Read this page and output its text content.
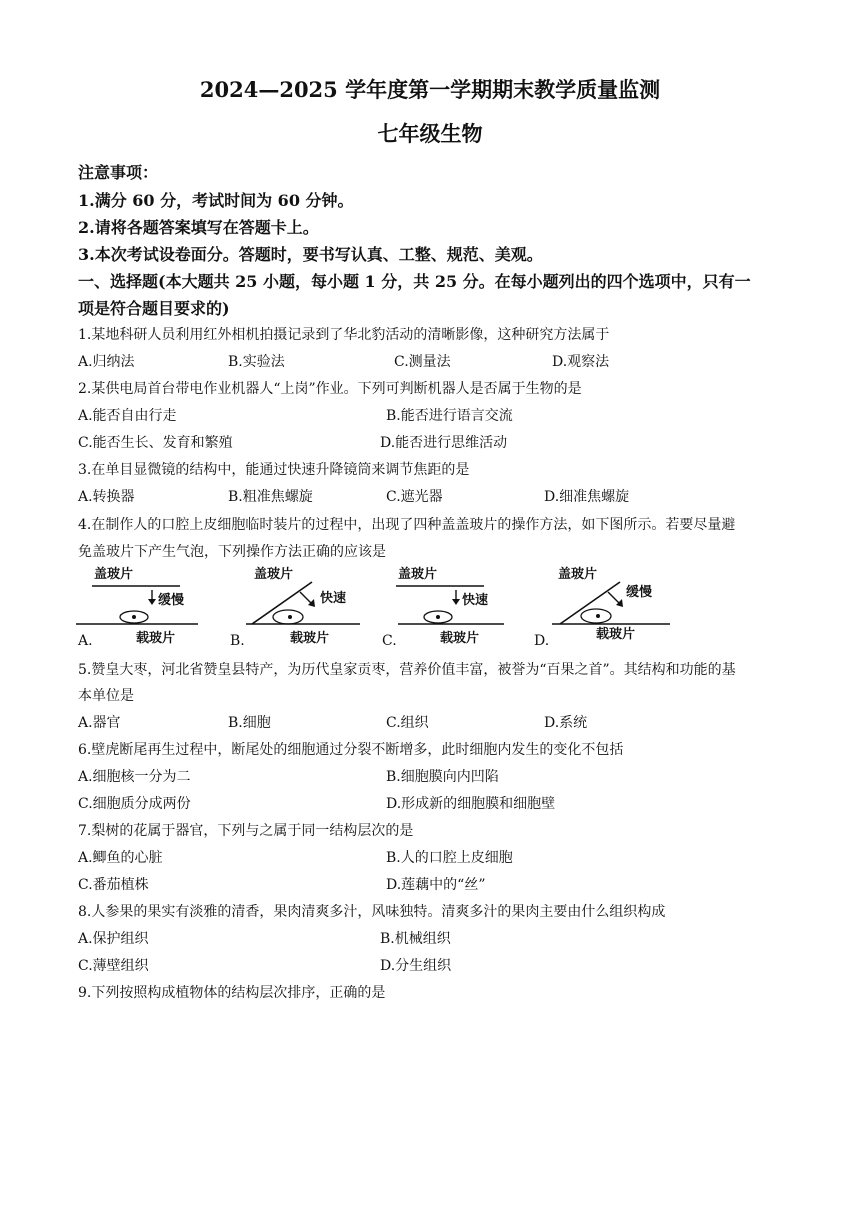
2024—2025 学年度第一学期期末教学质量监测
七年级生物
注意事项：
1.满分 60 分，考试时间为 60 分钟。
2.请将各题答案填写在答题卡上。
3.本次考试设卷面分。答题时，要书写认真、工整、规范、美观。
一、选择题(本大题共 25 小题，每小题 1 分，共 25 分。在每小题列出的四个选项中，只有一
项是符合题目要求的)
1.某地科研人员利用红外相机拍摄记录到了华北豹活动的清晰影像，这种研究方法属于
A.归纳法	B.实验法	C.测量法	D.观察法
2.某供电局首台带电作业机器人“上岗”作业。下列可判断机器人是否属于生物的是
A.能否自由行走	B.能否进行语言交流
C.能否生长、发育和繁殖	D.能否进行思维活动
3.在单目显微镜的结构中，能通过快速升降镜筒来调节焦距的是
A.转换器	B.粗准焦螺旋	C.遮光器	D.细准焦螺旋
4.在制作人的口腔上皮细胞临时装片的过程中，出现了四种盖盖玻片的操作方法，如下图所示。若要尽量避
免盖玻片下产生气泡，下列操作方法正确的应该是
A.
盖玻片
缓慢
载玻片	B.
盖玻片
快速
载玻片	C.
盖玻片
快速
载玻片	D.
盖玻片
缓慢
载玻片
5.赞皇大枣，河北省赞皇县特产，为历代皇家贡枣，营养价值丰富，被誉为“百果之首”。其结构和功能的基
本单位是
A.器官	B.细胞	C.组织	D.系统
6.壁虎断尾再生过程中，断尾处的细胞通过分裂不断增多，此时细胞内发生的变化不包括
A.细胞核一分为二	B.细胞膜向内凹陷
C.细胞质分成两份	D.形成新的细胞膜和细胞壁
7.梨树的花属于器官，下列与之属于同一结构层次的是
A.鲫鱼的心脏	B.人的口腔上皮细胞
C.番茄植株	D.莲藕中的“丝”
8.人参果的果实有淡雅的清香，果肉清爽多汁，风味独特。清爽多汁的果肉主要由什么组织构成
A.保护组织	B.机械组织
C.薄壁组织	D.分生组织
9.下列按照构成植物体的结构层次排序，正确的是
